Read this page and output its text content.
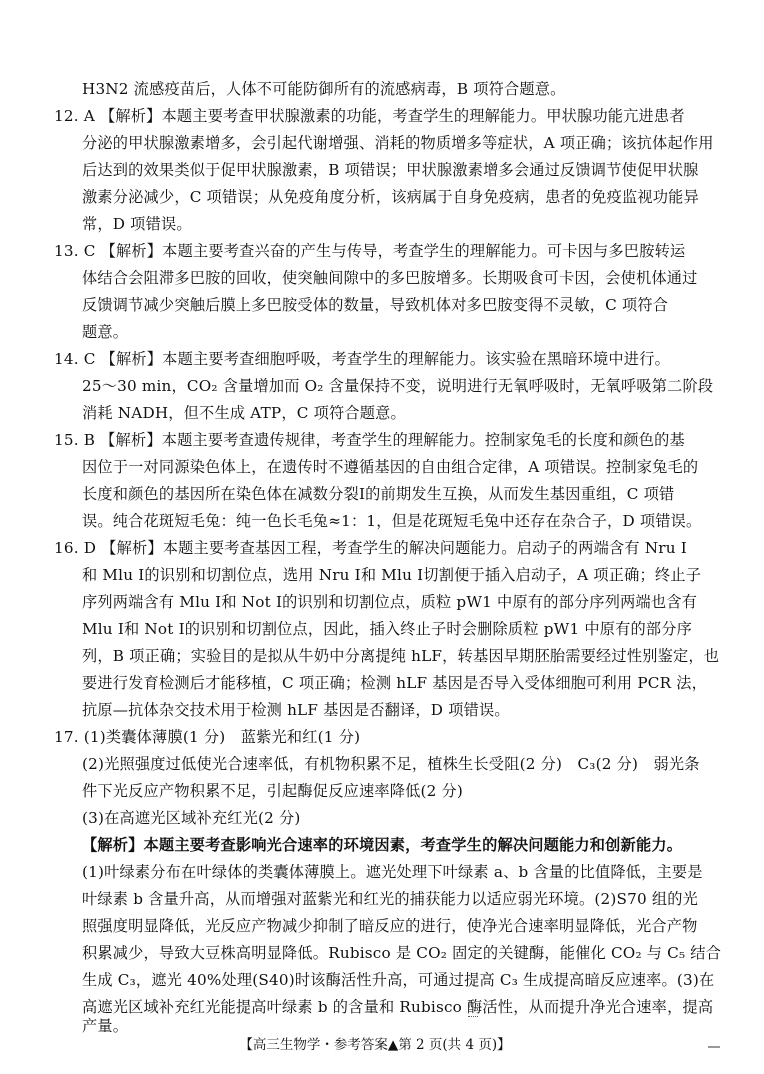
H3N2 流感疫苗后，人体不可能防御所有的流感病毒，B 项符合题意。
12. A 【解析】本题主要考查甲状腺激素的功能，考查学生的理解能力。甲状腺功能亢进患者
分泌的甲状腺激素增多，会引起代谢增强、消耗的物质增多等症状，A 项正确；该抗体起作用
后达到的效果类似于促甲状腺激素，B 项错误；甲状腺激素增多会通过反馈调节使促甲状腺
激素分泌减少，C 项错误；从免疫角度分析，该病属于自身免疫病，患者的免疫监视功能异
常，D 项错误。
13. C 【解析】本题主要考查兴奋的产生与传导，考查学生的理解能力。可卡因与多巴胺转运
体结合会阻滞多巴胺的回收，使突触间隙中的多巴胺增多。长期吸食可卡因，会使机体通过
反馈调节减少突触后膜上多巴胺受体的数量，导致机体对多巴胺变得不灵敏，C 项符合
题意。
14. C 【解析】本题主要考查细胞呼吸，考查学生的理解能力。该实验在黑暗环境中进行。
25～30 min，CO₂ 含量增加而 O₂ 含量保持不变，说明进行无氧呼吸时，无氧呼吸第二阶段
消耗 NADH，但不生成 ATP，C 项符合题意。
15. B 【解析】本题主要考查遗传规律，考查学生的理解能力。控制家兔毛的长度和颜色的基
因位于一对同源染色体上，在遗传时不遵循基因的自由组合定律，A 项错误。控制家兔毛的
长度和颜色的基因所在染色体在减数分裂Ⅰ的前期发生互换，从而发生基因重组，C 项错
误。纯合花斑短毛兔：纯一色长毛兔≈1：1，但是花斑短毛兔中还存在杂合子，D 项错误。
16. D 【解析】本题主要考查基因工程，考查学生的解决问题能力。启动子的两端含有 Nru Ⅰ
和 Mlu Ⅰ的识别和切割位点，选用 Nru Ⅰ和 Mlu Ⅰ切割便于插入启动子，A 项正确；终止子
序列两端含有 Mlu Ⅰ和 Not Ⅰ的识别和切割位点，质粒 pW1 中原有的部分序列两端也含有
Mlu Ⅰ和 Not Ⅰ的识别和切割位点，因此，插入终止子时会删除质粒 pW1 中原有的部分序
列，B 项正确；实验目的是拟从牛奶中分离提纯 hLF，转基因早期胚胎需要经过性别鉴定，也
要进行发育检测后才能移植，C 项正确；检测 hLF 基因是否导入受体细胞可利用 PCR 法，
抗原—抗体杂交技术用于检测 hLF 基因是否翻译，D 项错误。
17. (1)类囊体薄膜(1 分)　蓝紫光和红(1 分)
(2)光照强度过低使光合速率低，有机物积累不足，植株生长受阻(2 分)　C₃(2 分)　弱光条
件下光反应产物积累不足，引起酶促反应速率降低(2 分)
(3)在高遮光区域补充红光(2 分)
【解析】本题主要考查影响光合速率的环境因素，考查学生的解决问题能力和创新能力。
(1)叶绿素分布在叶绿体的类囊体薄膜上。遮光处理下叶绿素 a、b 含量的比值降低，主要是
叶绿素 b 含量升高，从而增强对蓝紫光和红光的捕获能力以适应弱光环境。(2)S70 组的光
照强度明显降低，光反应产物减少抑制了暗反应的进行，使净光合速率明显降低，光合产物
积累减少，导致大豆株高明显降低。Rubisco 是 CO₂ 固定的关键酶，能催化 CO₂ 与 C₅ 结合
生成 C₃，遮光 40%处理(S40)时该酶活性升高，可通过提高 C₃ 生成提高暗反应速率。(3)在
高遮光区域补充红光能提高叶绿素 b 的含量和 Rubisco 酶活性，从而提升净光合速率，提高
产量。
【高三生物学・参考答案▲第 2 页(共 4 页)】
